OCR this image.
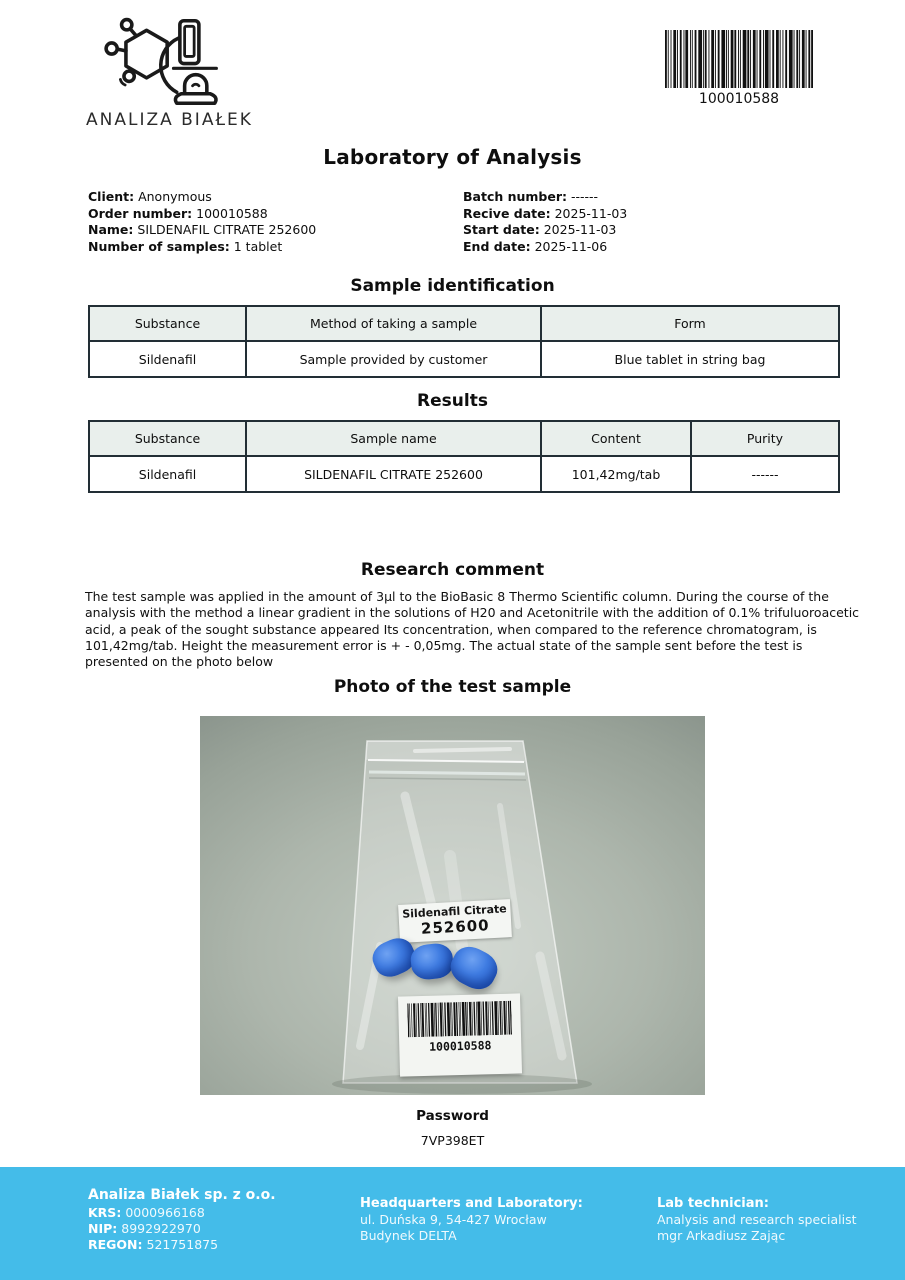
ANALIZA BIAŁEK
100010588
Laboratory of Analysis
Client: Anonymous
Order number: 100010588
Name: SILDENAFIL CITRATE 252600
Number of samples: 1 tablet
Batch number: ------
Recive date: 2025-11-03
Start date: 2025-11-03
End date: 2025-11-06
Sample identification
Substance	Method of taking a sample	Form
Sildenafil	Sample provided by customer	Blue tablet in string bag
Results
Substance	Sample name	Content	Purity
Sildenafil	SILDENAFIL CITRATE 252600	101,42mg/tab	------
Research comment
The test sample was applied in the amount of 3µl to the BioBasic 8 Thermo Scientific column. During the course of the analysis with the method a linear gradient in the solutions of H20 and Acetonitrile with the addition of 0.1% trifuluoroacetic acid, a peak of the sought substance appeared Its concentration, when compared to the reference chromatogram, is 101,42mg/tab. Height the measurement error is + - 0,05mg. The actual state of the sample sent before the test is presented on the photo below
Photo of the test sample
Sildenafil Citrate
252600
100010588
Password
7VP398ET
Analiza Białek sp. z o.o.
KRS: 0000966168
NIP: 8992922970
REGON: 521751875
Headquarters and Laboratory:
ul. Duńska 9, 54-427 Wrocław
Budynek DELTA
Lab technician:
Analysis and research specialist
mgr Arkadiusz Zając
